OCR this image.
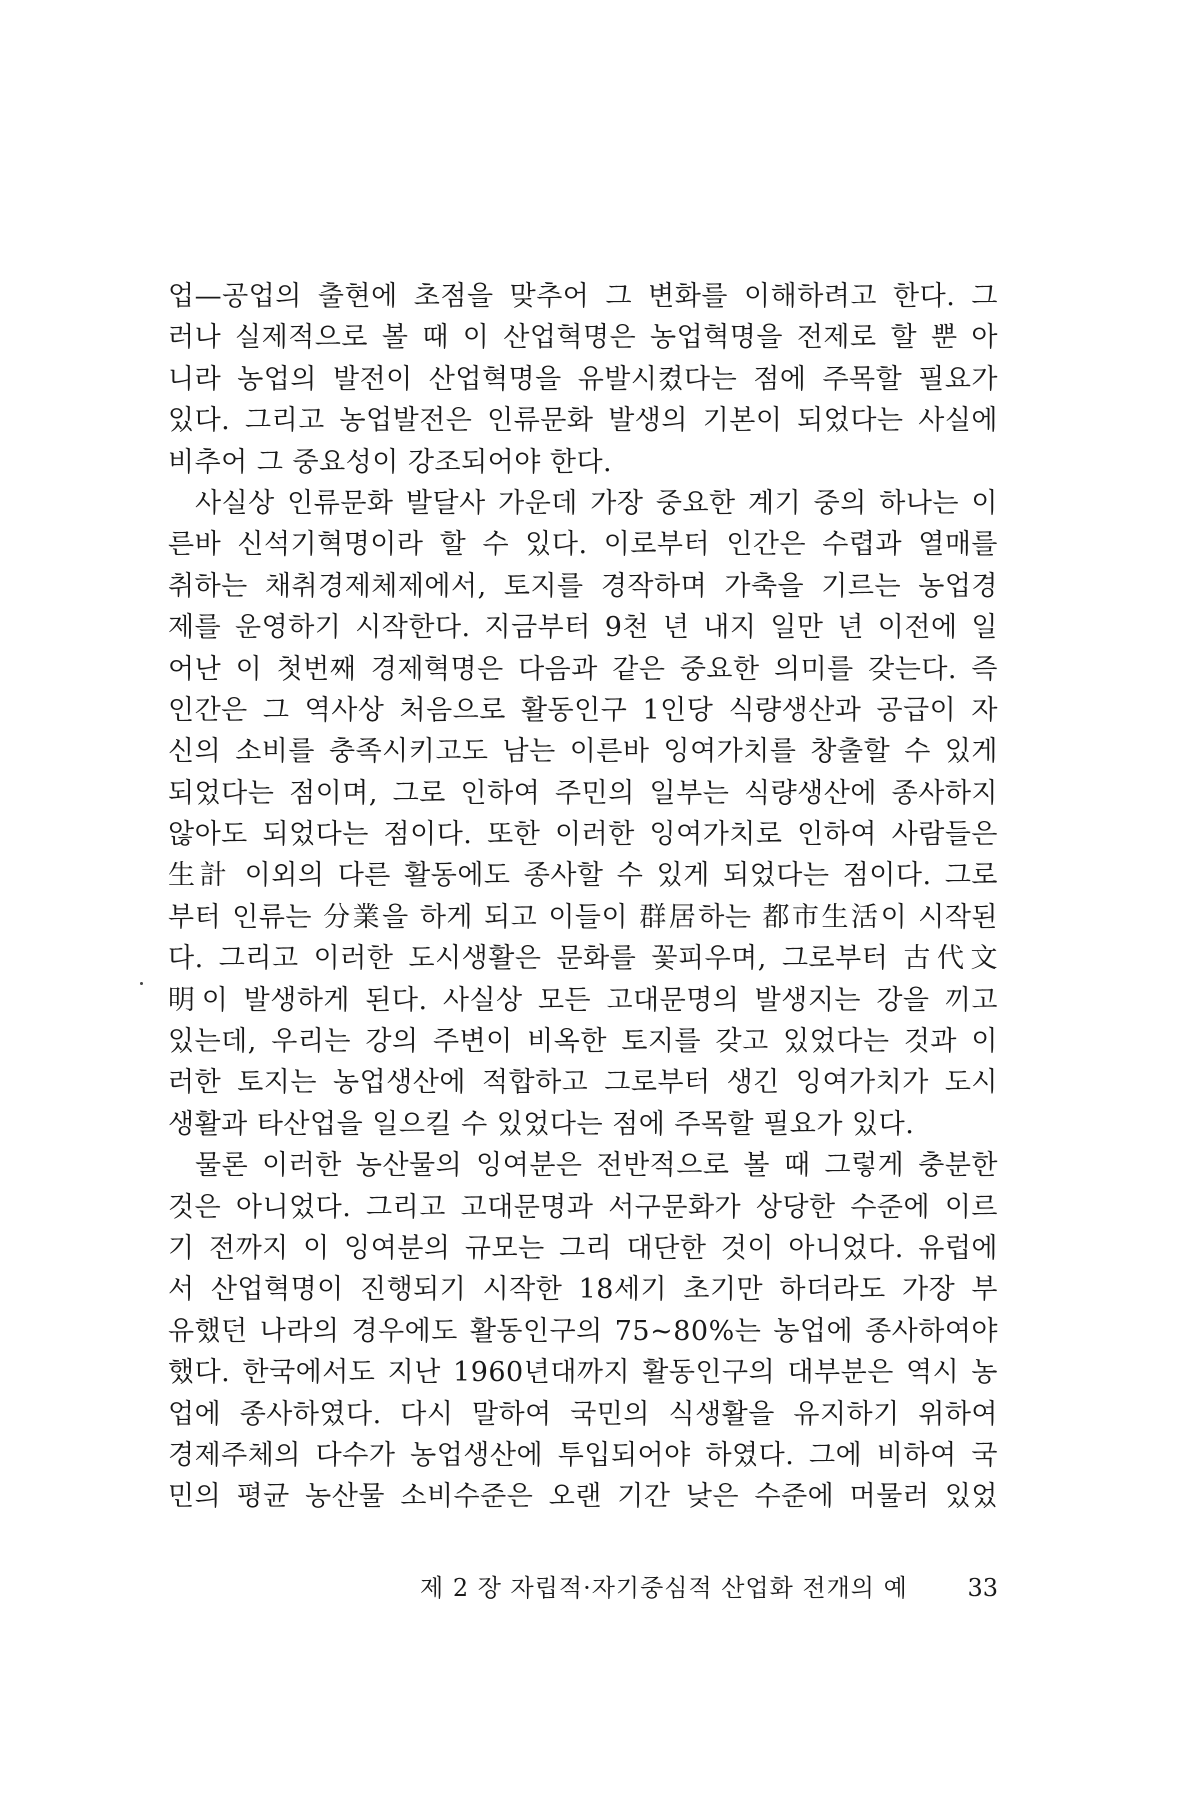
업—공업의 출현에 초점을 맞추어 그 변화를 이해하려고 한다. 그
러나 실제적으로 볼 때 이 산업혁명은 농업혁명을 전제로 할 뿐 아
니라 농업의 발전이 산업혁명을 유발시켰다는 점에 주목할 필요가
있다. 그리고 농업발전은 인류문화 발생의 기본이 되었다는 사실에
비추어 그 중요성이 강조되어야 한다.
사실상 인류문화 발달사 가운데 가장 중요한 계기 중의 하나는 이
른바 신석기혁명이라 할 수 있다. 이로부터 인간은 수렵과 열매를
취하는 채취경제체제에서, 토지를 경작하며 가축을 기르는 농업경
제를 운영하기 시작한다. 지금부터 9천 년 내지 일만 년 이전에 일
어난 이 첫번째 경제혁명은 다음과 같은 중요한 의미를 갖는다. 즉
인간은 그 역사상 처음으로 활동인구 1인당 식량생산과 공급이 자
신의 소비를 충족시키고도 남는 이른바 잉여가치를 창출할 수 있게
되었다는 점이며, 그로 인하여 주민의 일부는 식량생산에 종사하지
않아도 되었다는 점이다. 또한 이러한 잉여가치로 인하여 사람들은
生計 이외의 다른 활동에도 종사할 수 있게 되었다는 점이다. 그로
부터 인류는 分業을 하게 되고 이들이 群居하는 都市生活이 시작된
다. 그리고 이러한 도시생활은 문화를 꽃피우며, 그로부터 古代文
明이 발생하게 된다. 사실상 모든 고대문명의 발생지는 강을 끼고
있는데, 우리는 강의 주변이 비옥한 토지를 갖고 있었다는 것과 이
러한 토지는 농업생산에 적합하고 그로부터 생긴 잉여가치가 도시
생활과 타산업을 일으킬 수 있었다는 점에 주목할 필요가 있다.
물론 이러한 농산물의 잉여분은 전반적으로 볼 때 그렇게 충분한
것은 아니었다. 그리고 고대문명과 서구문화가 상당한 수준에 이르
기 전까지 이 잉여분의 규모는 그리 대단한 것이 아니었다. 유럽에
서 산업혁명이 진행되기 시작한 18세기 초기만 하더라도 가장 부
유했던 나라의 경우에도 활동인구의 75~80%는 농업에 종사하여야
했다. 한국에서도 지난 1960년대까지 활동인구의 대부분은 역시 농
업에 종사하였다. 다시 말하여 국민의 식생활을 유지하기 위하여
경제주체의 다수가 농업생산에 투입되어야 하였다. 그에 비하여 국
민의 평균 농산물 소비수준은 오랜 기간 낮은 수준에 머물러 있었
제 2 장 자립적·자기중심적 산업화 전개의 예	33
